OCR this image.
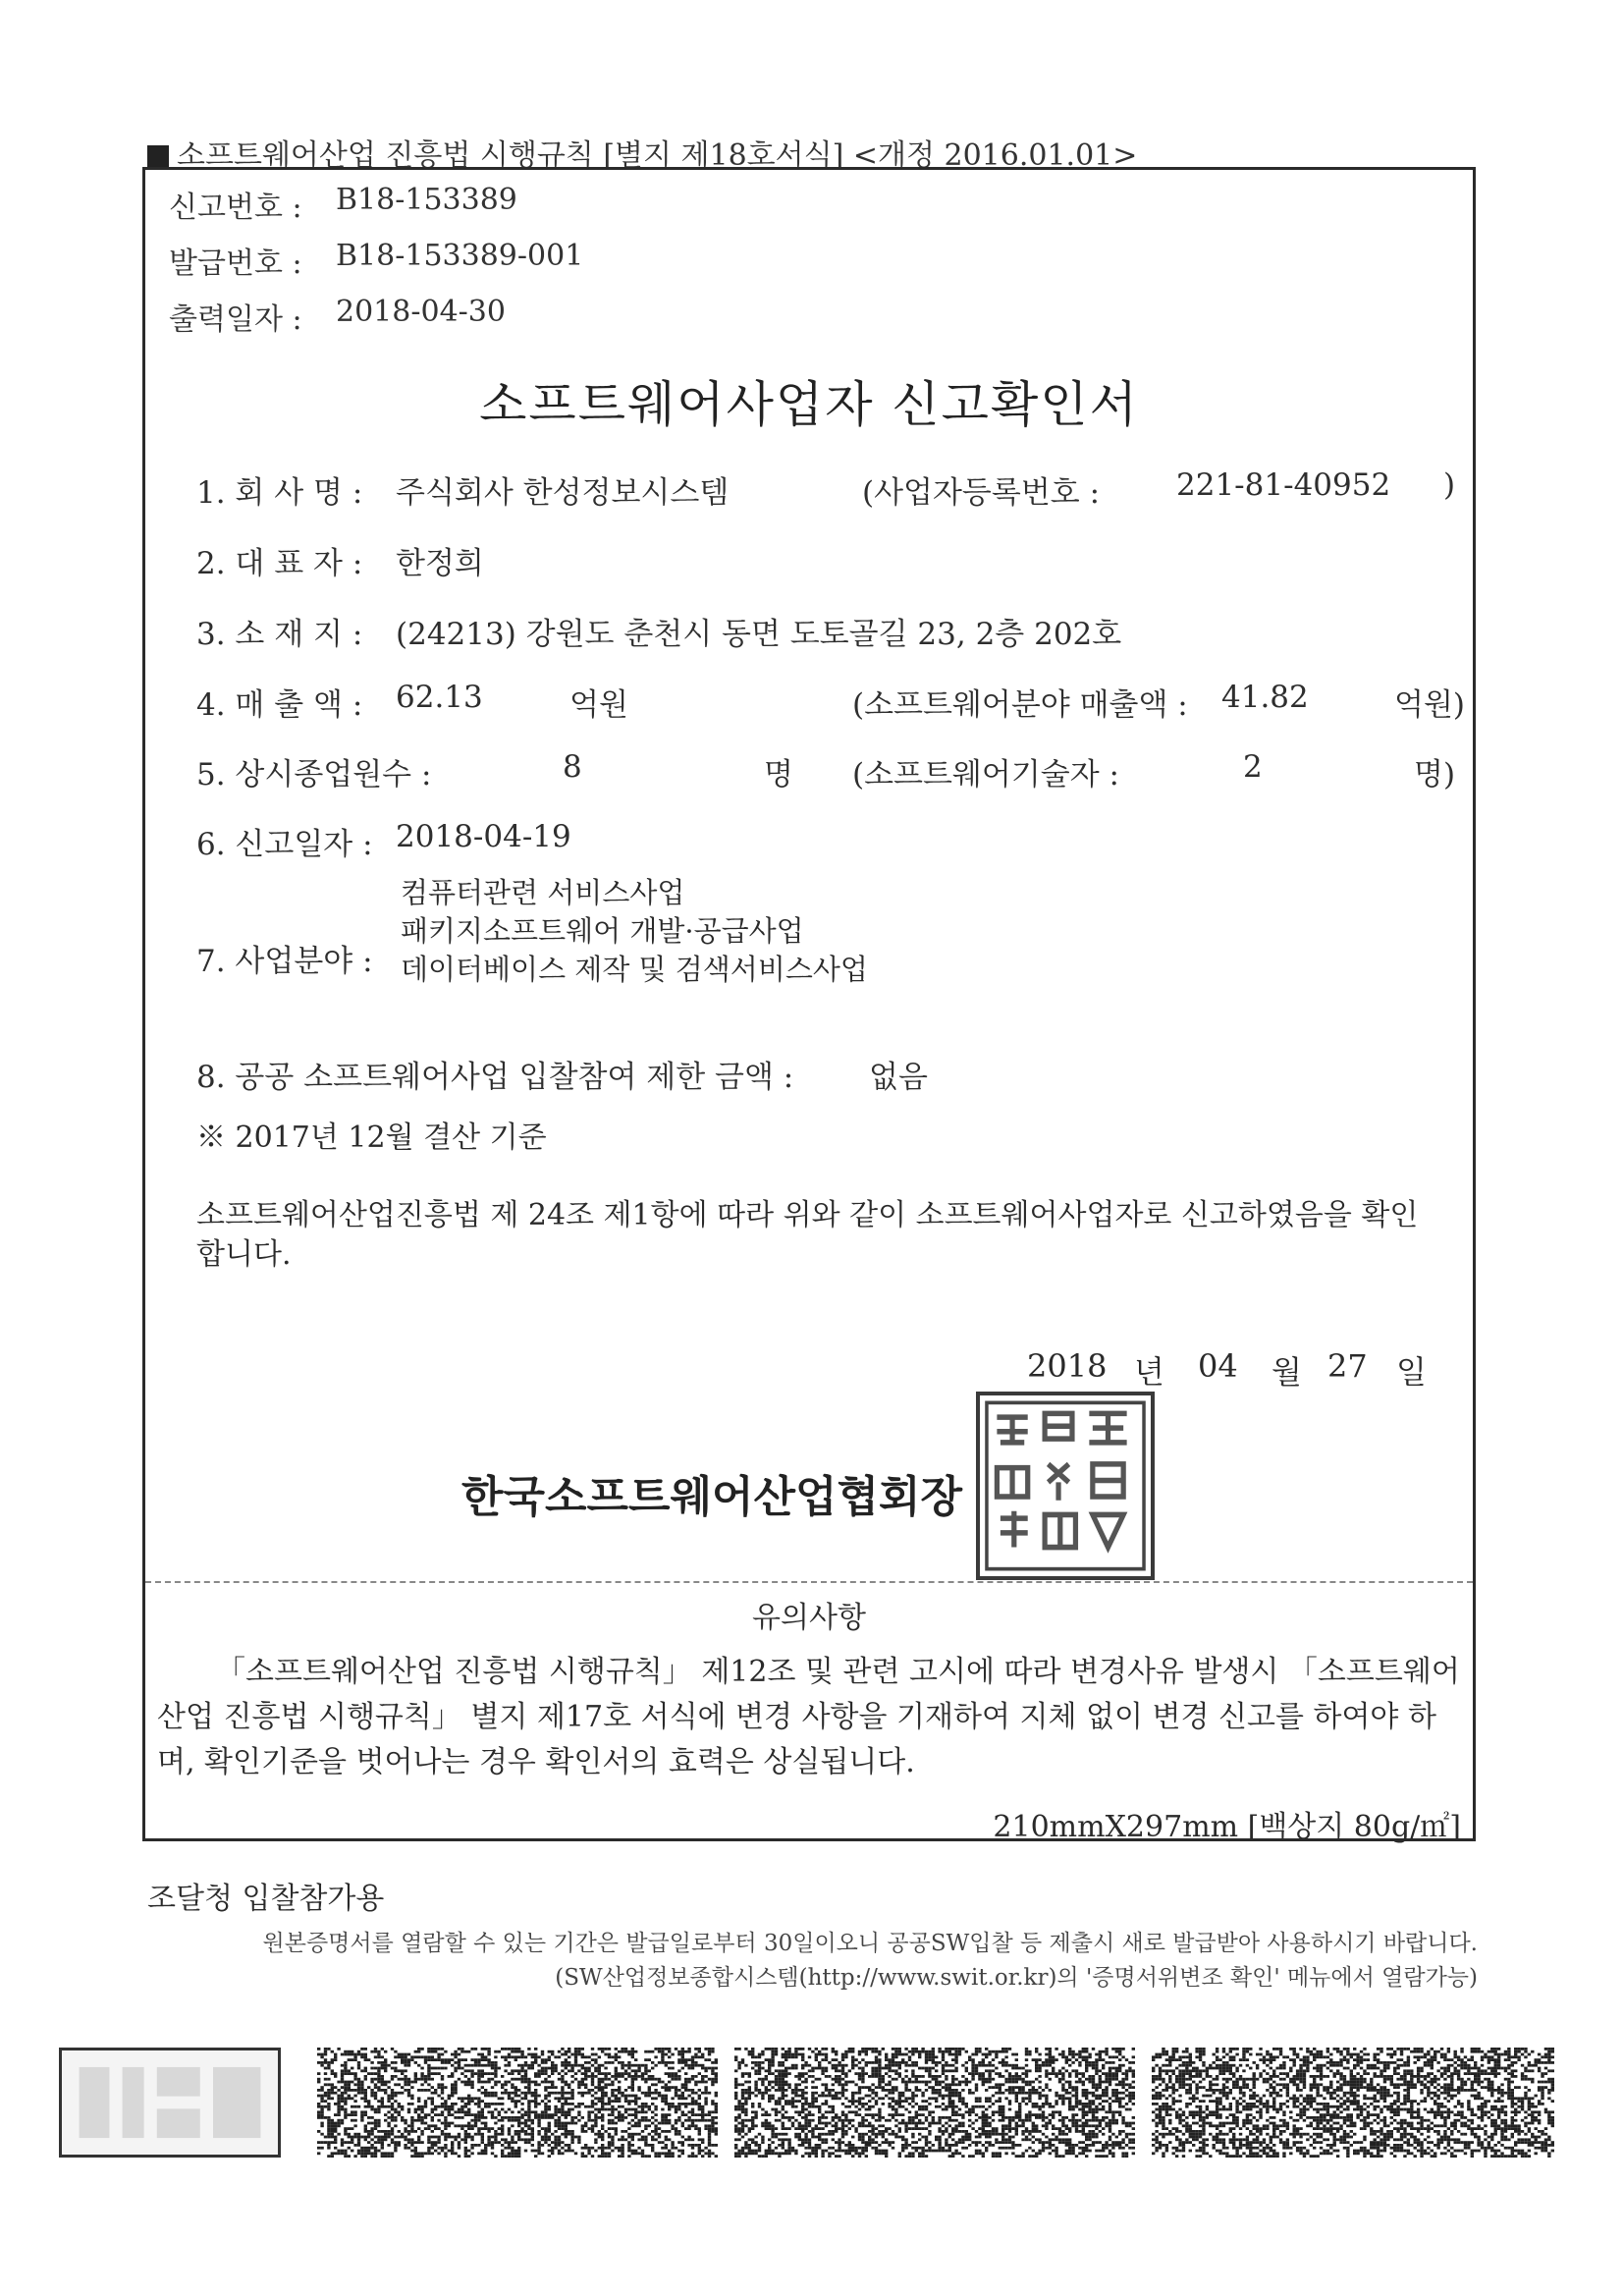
소프트웨어산업 진흥법 시행규칙 [별지 제18호서식] <개정 2016.01.01>
신고번호 : B18-153389
발급번호 : B18-153389-001
출력일자 : 2018-04-30
소프트웨어사업자 신고확인서
1. 회 사 명 : 주식회사 한성정보시스템	(사업자등록번호 :	221-81-40952 )
2. 대 표 자 : 한정희
3. 소 재 지 : (24213) 강원도 춘천시 동면 도토골길 23, 2층 202호
4. 매 출 액 : 62.13	억원	(소프트웨어분야 매출액 : 41.82	억원)
5. 상시종업원수 :	8	명 (소프트웨어기술자 :	2	명)
6. 신고일자 : 2018-04-19
7. 사업분야 :
컴퓨터관련 서비스사업
패키지소프트웨어 개발·공급사업
데이터베이스 제작 및 검색서비스사업
8. 공공 소프트웨어사업 입찰참여 제한 금액 : 없음
※ 2017년 12월 결산 기준
소프트웨어산업진흥법 제 24조 제1항에 따라 위와 같이 소프트웨어사업자로 신고하였음을 확인합니다.
2018 년 04 월 27 일
한국소프트웨어산업협회장
유의사항
「소프트웨어산업 진흥법 시행규칙」 제12조 및 관련 고시에 따라 변경사유 발생시 「소프트웨어산업 진흥법 시행규칙」 별지 제17호 서식에 변경 사항을 기재하여 지체 없이 변경 신고를 하여야 하며, 확인기준을 벗어나는 경우 확인서의 효력은 상실됩니다.
210mmX297mm [백상지 80g/㎡]
조달청 입찰참가용
원본증명서를 열람할 수 있는 기간은 발급일로부터 30일이오니 공공SW입찰 등 제출시 새로 발급받아 사용하시기 바랍니다.
(SW산업정보종합시스템(http://www.swit.or.kr)의 '증명서위변조 확인' 메뉴에서 열람가능)
